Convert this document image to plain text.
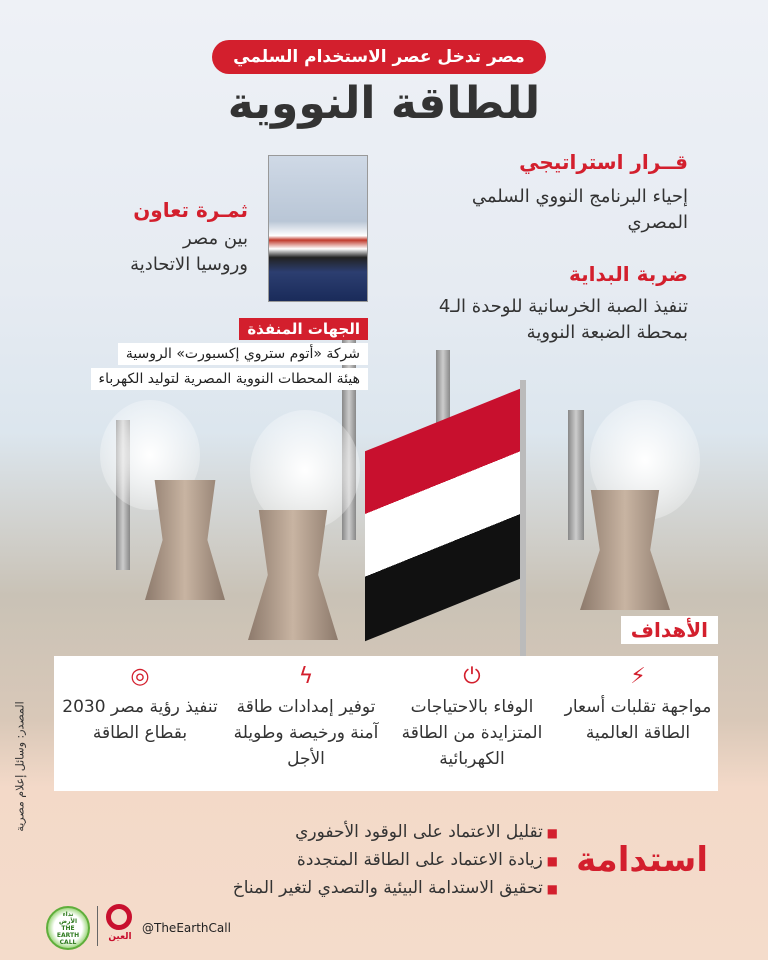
مصر تدخل عصر الاستخدام السلمي
للطاقة النووية
قــرار استراتيجي
إحياء البرنامج النووي السلمي المصري
ضربة البداية
تنفيذ الصبة الخرسانية للوحدة الـ4 بمحطة الضبعة النووية
ثمـرة تعاون
بين مصر
وروسيا الاتحادية
الجهات المنفذة
شركة «أتوم ستروي إكسبورت» الروسية
هيئة المحطات النووية المصرية لتوليد الكهرباء
الأهداف
⚡
مواجهة تقلبات أسعار الطاقة العالمية
⏻
الوفاء بالاحتياجات المتزايدة من الطاقة الكهربائية
ϟ
توفير إمدادات طاقة آمنة ورخيصة وطويلة الأجل
◎
تنفيذ رؤية مصر 2030 بقطاع الطاقة
استدامة
■ تقليل الاعتماد على الوقود الأحفوري
■ زيادة الاعتماد على الطاقة المتجددة
■ تحقيق الاستدامة البيئية والتصدي لتغير المناخ
المصدر: وسائل إعلام مصرية
نداء الأرض THE EARTH CALL	العين
@TheEarthCall
